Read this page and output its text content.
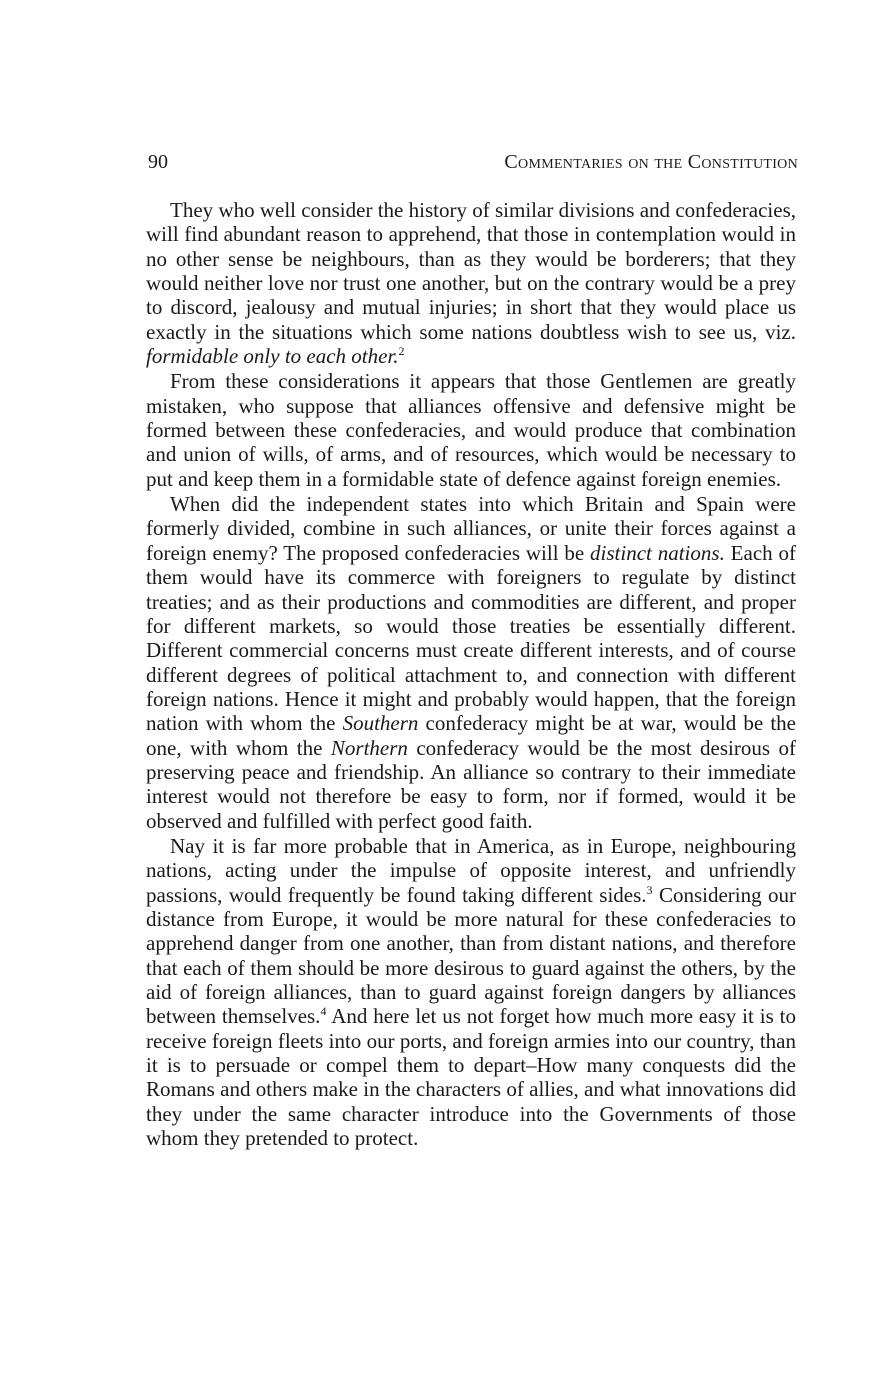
90	Commentaries on the Constitution

They who well consider the history of similar divisions and confederacies, will find abundant reason to apprehend, that those in contemplation would in no other sense be neighbours, than as they would be borderers; that they would neither love nor trust one another, but on the contrary would be a prey to discord, jealousy and mutual injuries; in short that they would place us exactly in the situations which some nations doubtless wish to see us, viz. formidable only to each other.$^2$

From these considerations it appears that those Gentlemen are greatly mistaken, who suppose that alliances offensive and defensive might be formed between these confederacies, and would produce that combination and union of wills, of arms, and of resources, which would be necessary to put and keep them in a formidable state of defence against foreign enemies.

When did the independent states into which Britain and Spain were formerly divided, combine in such alliances, or unite their forces against a foreign enemy? The proposed confederacies will be distinct nations. Each of them would have its commerce with foreigners to regulate by distinct treaties; and as their productions and commodities are different, and proper for different markets, so would those treaties be essentially different. Different commercial concerns must create different interests, and of course different degrees of political attachment to, and connection with different foreign nations. Hence it might and probably would happen, that the foreign nation with whom the Southern confederacy might be at war, would be the one, with whom the Northern confederacy would be the most desirous of preserving peace and friendship. An alliance so contrary to their immediate interest would not therefore be easy to form, nor if formed, would it be observed and fulfilled with perfect good faith.

Nay it is far more probable that in America, as in Europe, neighbouring nations, acting under the impulse of opposite interest, and unfriendly passions, would frequently be found taking different sides.$^3$ Considering our distance from Europe, it would be more natural for these confederacies to apprehend danger from one another, than from distant nations, and therefore that each of them should be more desirous to guard against the others, by the aid of foreign alliances, than to guard against foreign dangers by alliances between themselves.$^4$ And here let us not forget how much more easy it is to receive foreign fleets into our ports, and foreign armies into our country, than it is to persuade or compel them to depart–How many conquests did the Romans and others make in the characters of allies, and what innovations did they under the same character introduce into the Governments of those whom they pretended to protect.
